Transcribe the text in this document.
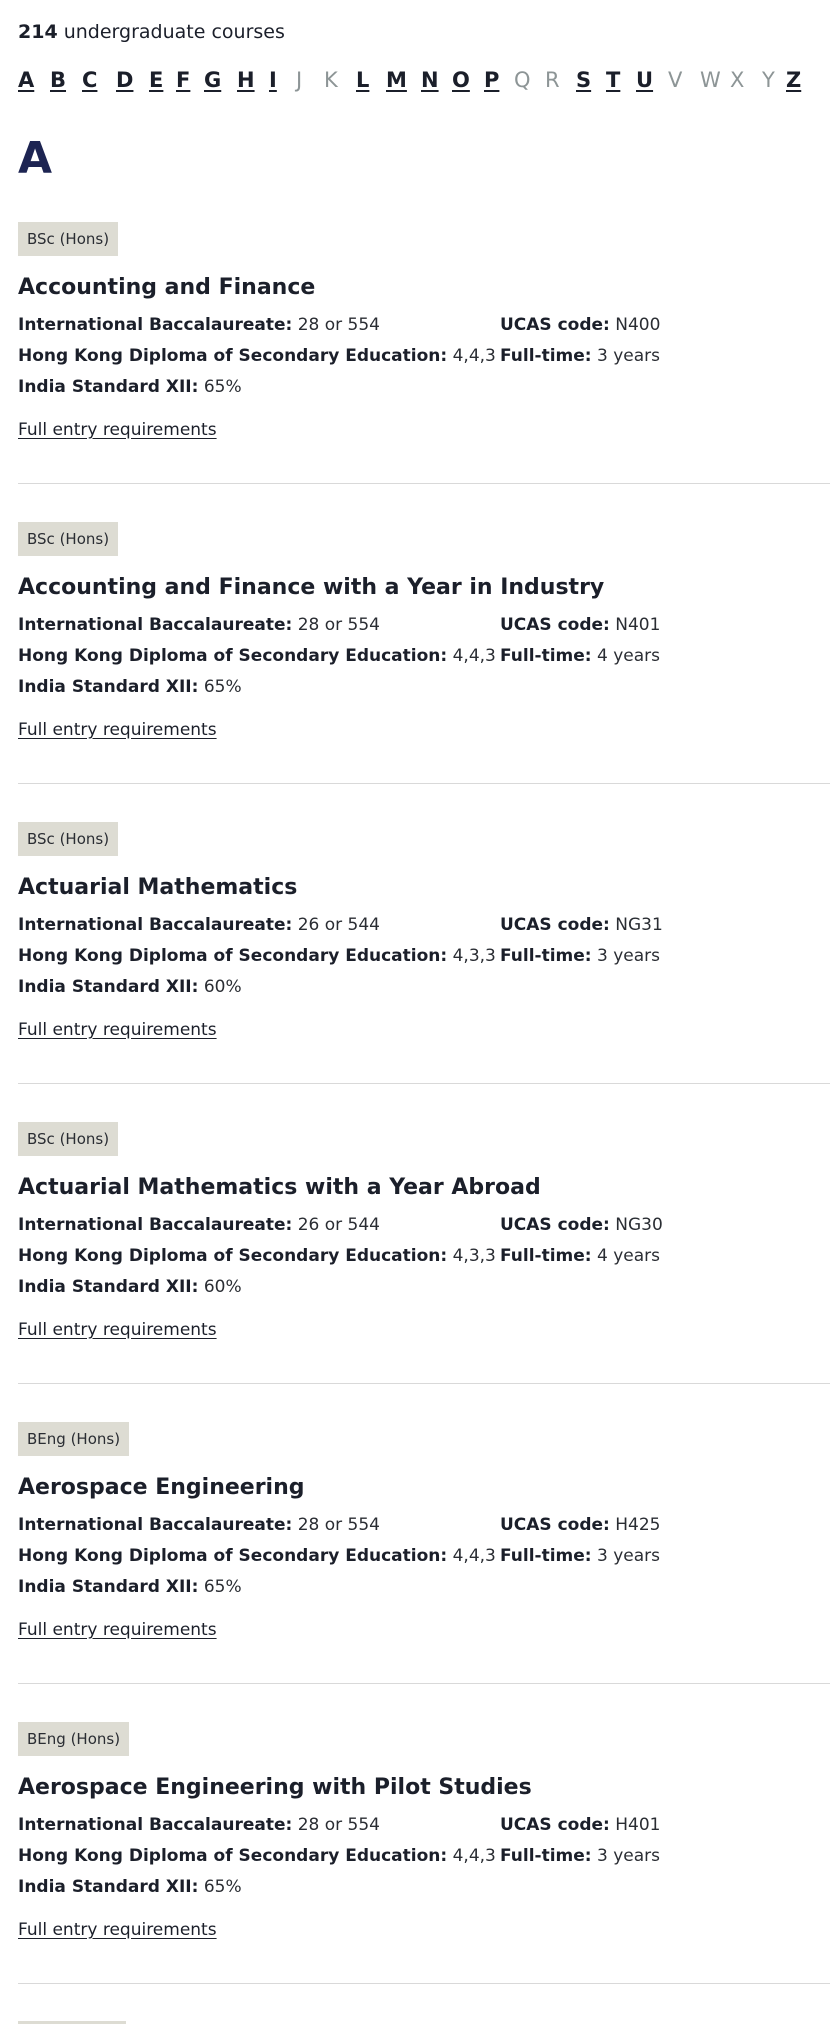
214 undergraduate courses
A B C D E F G H I J K L M N O P Q R S T U V W X Y Z
A
BSc (Hons)
Accounting and Finance
International Baccalaureate: 28 or 554
Hong Kong Diploma of Secondary Education: 4,4,3
India Standard XII: 65%
UCAS code: N400
Full-time: 3 years
Full entry requirements
BSc (Hons)
Accounting and Finance with a Year in Industry
International Baccalaureate: 28 or 554
Hong Kong Diploma of Secondary Education: 4,4,3
India Standard XII: 65%
UCAS code: N401
Full-time: 4 years
Full entry requirements
BSc (Hons)
Actuarial Mathematics
International Baccalaureate: 26 or 544
Hong Kong Diploma of Secondary Education: 4,3,3
India Standard XII: 60%
UCAS code: NG31
Full-time: 3 years
Full entry requirements
BSc (Hons)
Actuarial Mathematics with a Year Abroad
International Baccalaureate: 26 or 544
Hong Kong Diploma of Secondary Education: 4,3,3
India Standard XII: 60%
UCAS code: NG30
Full-time: 4 years
Full entry requirements
BEng (Hons)
Aerospace Engineering
International Baccalaureate: 28 or 554
Hong Kong Diploma of Secondary Education: 4,4,3
India Standard XII: 65%
UCAS code: H425
Full-time: 3 years
Full entry requirements
BEng (Hons)
Aerospace Engineering with Pilot Studies
International Baccalaureate: 28 or 554
Hong Kong Diploma of Secondary Education: 4,4,3
India Standard XII: 65%
UCAS code: H401
Full-time: 3 years
Full entry requirements
